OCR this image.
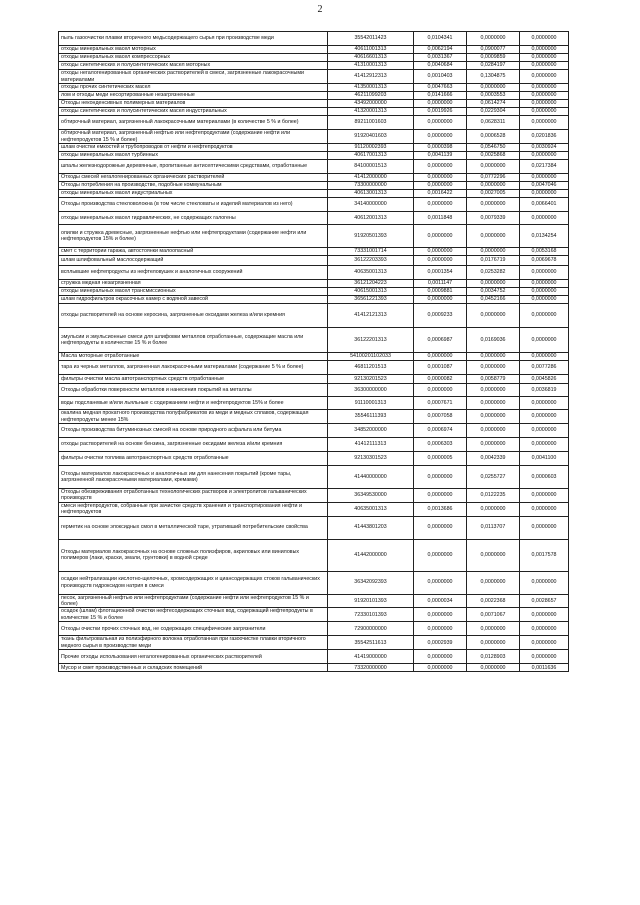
2
пыль газоочистки плавки вторичного медьсодержащего сырья при производстве меди	35542011423	0,0104341	0,0000000	0,0000000
отходы минеральных масел моторных	40611001313	0,0062194	0,0900077	0,0000000
отходы минеральных масел компрессорных	40616601313	0,0031367	0,0009859	0,0000000
отходы синтетических и полусинтетических масел моторных	41310001313	0,0040684	0,0284197	0,0000000
отходы негалогенированных органических растворителей в смеси, загрязненные лакокрасочными материалами	41412912313	0,0010403	0,1304875	0,0000000
отходы прочих синтетических масел	41350001313	0,0047663	0,0000000	0,0000000
лом и отходы меди несортированные незагрязненные	46211099203	0,0141666	0,0003553	0,0000000
Отходы неконденсивных полимерных материалов	43492000000	0,0000000	0,0614274	0,0000000
отходы синтетических и полусинтетических масел индустриальных	41320001313	0,0019926	0,0229304	0,0000000
обтирочный материал, загрязненный лакокрасочными материалами (в количестве 5 % и более)	89211001603	0,0000000	0,0628311	0,0000000
обтирочный материал, загрязненный нефтью или нефтепродуктами (содержание нефти или нефтепродуктов 15 % и более)	91920401603	0,0000000	0,0006528	0,0201836
шлам очистки емкостей и трубопроводов от нефти и нефтепродуктов	91120002393	0,0000398	0,0546750	0,0030924
отходы минеральных масел турбинных	40617001313	0,0041139	0,0025868	0,0000000
шпалы железнодорожные деревянные, пропитанные антисептическими средствами, отработанные	84100001513	0,0000000	0,0000000	0,0217384
Отходы смесей негалогенированных органических растворителей	41412000000	0,0000000	0,0772296	0,0000000
Отходы потребления на производстве, подобные коммунальным	73300000000	0,0000000	0,0000000	0,0047046
отходы минеральных масел индустриальных	40613001313	0,0016422	0,0027005	0,0000000
Отходы производства стекловолокна (в том числе стекловаты и изделий материалов из него)	34140000000	0,0000000	0,0000000	0,0066401
отходы минеральных масел гидравлических, не содержащих галогены	40612001313	0,0011848	0,0079339	0,0000000
опилки и стружка древесные, загрязненные нефтью или нефтепродуктами (содержание нефти или нефтепродуктов 15% и более)	91920501393	0,0000000	0,0000000	0,0134254
смет с территории гаража, автостоянки малоопасный	73331001714	0,0000000	0,0000000	0,0053168
шлам шлифовальный маслосодержащий	36122203393	0,0000000	0,0176719	0,0069678
всплывшие нефтепродукты из нефтеловушек и аналогичных сооружений	40635001313	0,0001354	0,0253282	0,0000000
стружка медная незагрязненная	36121204223	0,0011147	0,0000000	0,0000000
отходы минеральных масел трансмиссионных	40615001313	0,0009881	0,0034752	0,0000000
шлам гидрофильтров окрасочных камер с водяной завесой	36561221393	0,0000000	0,0452166	0,0000000
отходы растворителей на основе керосина, загрязненные оксидами железа и/или кремния	41412121313	0,0009233	0,0000000	0,0000000
эмульсии и эмульсионные смеси для шлифовки металлов отработанные, содержащие масла или нефтепродукты в количестве 15 % и более	36122201313	0,0006987	0,0169036	0,0000000
Масла моторные отработанные	54100201102033	0,0000000	0,0000000	0,0000000
тара из черных металлов, загрязненная лакокрасочными материалами (содержание 5 % и более)	46811201513	0,0001087	0,0000000	0,0077286
фильтры очистки масла автотранспортных средств отработанные	92130201523	0,0000082	0,0058779	0,0045826
Отходы обработки поверхности металлов и нанесения покрытий на металлы	36300000000	0,0000000	0,0000000	0,0036819
воды подсланевые и/или льяльные с содержанием нефти и нефтепродуктов 15% и более	91110001313	0,0007671	0,0000000	0,0000000
окалина медная прокатного производства полуфабрикатов из меди и медных сплавов, содержащая нефтепродукты менее 15%	35546111393	0,0007058	0,0000000	0,0000000
Отходы производства битуминозных смесей на основе природного асфальта или битума	34852000000	0,0006974	0,0000000	0,0000000
отходы растворителей на основе бензина, загрязненные оксидами железа и/или кремния	41412111313	0,0006303	0,0000000	0,0000000
фильтры очистки топлива автотранспортных средств отработанные	92130301523	0,0000005	0,0042339	0,0041100
Отходы материалов лакокрасочных и аналогичных им для нанесения покрытий (кроме тары, загрязненной лакокрасочными материалами, кремами)	41440000000	0,0000000	0,0255727	0,0000603
Отходы обезвреживания отработанных технологических растворов и электролитов гальванических производств	36349530000	0,0000000	0,0122235	0,0000000
смеси нефтепродуктов, собранные при зачистке средств хранения и транспортирования нефти и нефтепродуктов	40635001313	0,0013686	0,0000000	0,0000000
герметик на основе эпоксидных смол в металлической таре, утративший потребительские свойства	41443801203	0,0000000	0,0113707	0,0000000
Отходы материалов лакокрасочных на основе сложных полиэфиров, акриловых или виниловых полимеров (лаки, краски, эмали, грунтовки) в водной среде	41442000000	0,0000000	0,0000000	0,0017578
осадки нейтрализации кислотно-щелочных, хромсодержащих и циансодержащих стоков гальванических производств гидроксидом натрия в смеси	36342092393	0,0000000	0,0000000	0,0000000
песок, загрязненный нефтью или нефтепродуктами (содержание нефти или нефтепродуктов 15 % и более)	91920101393	0,0000034	0,0022368	0,0028657
осадок (шлам) флотационной очистки нефтесодержащих сточных вод, содержащий нефтепродукты в количестве 15 % и более	72330101393	0,0000000	0,0071067	0,0000000
Отходы очистки прочих сточных вод, не содержащих специфические загрязнители	72900000000	0,0000000	0,0000000	0,0000000
ткань фильтровальная из полиэфирного волокна отработанная при газоочистке плавки вторичного медного сырья в производстве меди	35542511613	0,0002939	0,0000000	0,0000000
Прочие отходы использования негалогенированных органических растворителей	41419000000	0,0000000	0,0128903	0,0000000
Мусор и смет производственных и складских помещений	73320000000	0,0000000	0,0000000	0,0011636
